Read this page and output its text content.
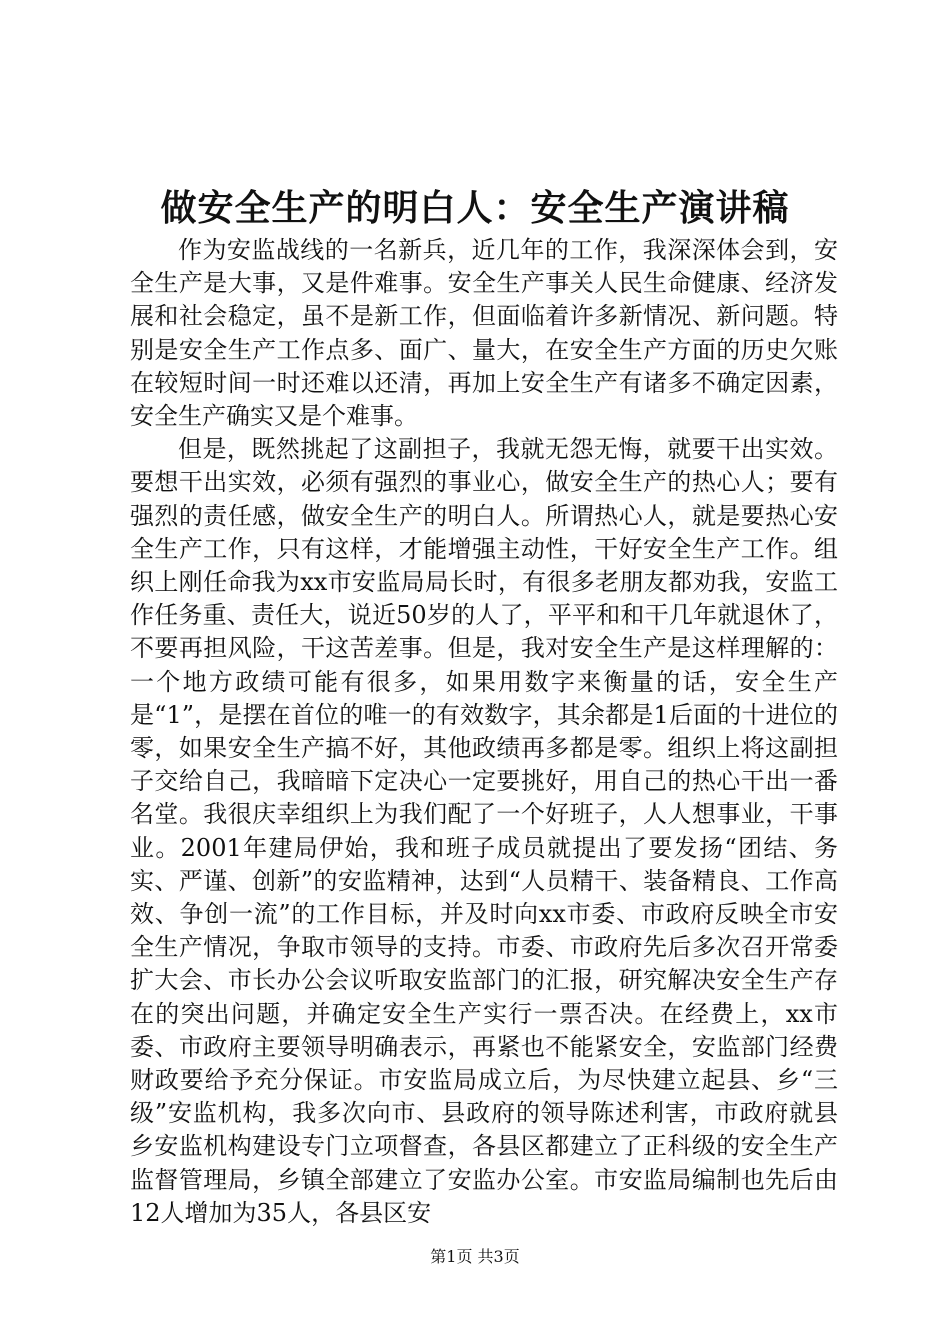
做安全生产的明白人：安全生产演讲稿

作为安监战线的一名新兵，近几年的工作，我深深体会到，安全生产是大事，又是件难事。安全生产事关人民生命健康、经济发展和社会稳定，虽不是新工作，但面临着许多新情况、新问题。特别是安全生产工作点多、面广、量大，在安全生产方面的历史欠账在较短时间一时还难以还清，再加上安全生产有诸多不确定因素，安全生产确实又是个难事。

但是，既然挑起了这副担子，我就无怨无悔，就要干出实效。要想干出实效，必须有强烈的事业心，做安全生产的热心人；要有强烈的责任感，做安全生产的明白人。所谓热心人，就是要热心安全生产工作，只有这样，才能增强主动性，干好安全生产工作。组织上刚任命我为xx市安监局局长时，有很多老朋友都劝我，安监工作任务重、责任大，说近50岁的人了，平平和和干几年就退休了，不要再担风险，干这苦差事。但是，我对安全生产是这样理解的：一个地方政绩可能有很多，如果用数字来衡量的话，安全生产是“1”，是摆在首位的唯一的有效数字，其余都是1后面的十进位的零，如果安全生产搞不好，其他政绩再多都是零。组织上将这副担子交给自己，我暗暗下定决心一定要挑好，用自己的热心干出一番名堂。我很庆幸组织上为我们配了一个好班子，人人想事业，干事业。2001年建局伊始，我和班子成员就提出了要发扬“团结、务实、严谨、创新”的安监精神，达到“人员精干、装备精良、工作高效、争创一流”的工作目标，并及时向xx市委、市政府反映全市安全生产情况，争取市领导的支持。市委、市政府先后多次召开常委扩大会、市长办公会议听取安监部门的汇报，研究解决安全生产存在的突出问题，并确定安全生产实行一票否决。在经费上，xx市委、市政府主要领导明确表示，再紧也不能紧安全，安监部门经费财政要给予充分保证。市安监局成立后，为尽快建立起县、乡“三级”安监机构，我多次向市、县政府的领导陈述利害，市政府就县乡安监机构建设专门立项督查，各县区都建立了正科级的安全生产监督管理局，乡镇全部建立了安监办公室。市安监局编制也先后由12人增加为35人，各县区安

第1页 共3页
